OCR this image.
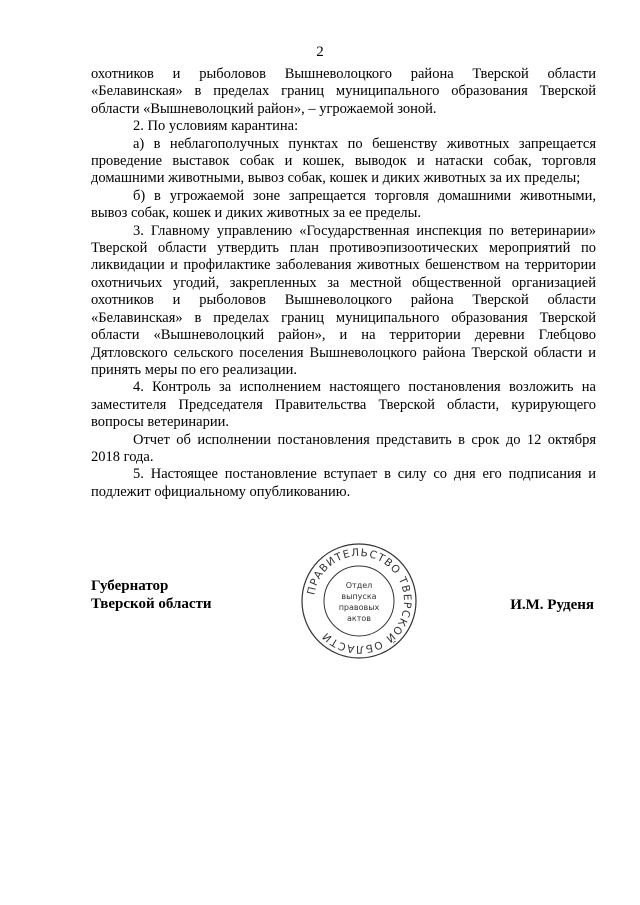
2

охотников и рыболовов Вышневолоцкого района Тверской области «Белавинская» в пределах границ муниципального образования Тверской области «Вышневолоцкий район», – угрожаемой зоной.

2. По условиям карантина:

а) в неблагополучных пунктах по бешенству животных запрещается проведение выставок собак и кошек, выводок и натаски собак, торговля домашними животными, вывоз собак, кошек и диких животных за их пределы;

б) в угрожаемой зоне запрещается торговля домашними животными, вывоз собак, кошек и диких животных за ее пределы.

3. Главному управлению «Государственная инспекция по ветеринарии» Тверской области утвердить план противоэпизоотических мероприятий по ликвидации и профилактике заболевания животных бешенством на территории охотничьих угодий, закрепленных за местной общественной организацией охотников и рыболовов Вышневолоцкого района Тверской области «Белавинская» в пределах границ муниципального образования Тверской области «Вышневолоцкий район», и на территории деревни Глебцово Дятловского сельского поселения Вышневолоцкого района Тверской области и принять меры по его реализации.

4. Контроль за исполнением настоящего постановления возложить на заместителя Председателя Правительства Тверской области, курирующего вопросы ветеринарии.

Отчет об исполнении постановления представить в срок до 12 октября 2018 года.

5. Настоящее постановление вступает в силу со дня его подписания и подлежит официальному опубликованию.

Губернатор
Тверской области	И.М. Руденя
ПРАВИТЕЛЬСТВО ТВЕРСКОЙ ОБЛАСТИ
Отдел
выпуска
правовых
актов
